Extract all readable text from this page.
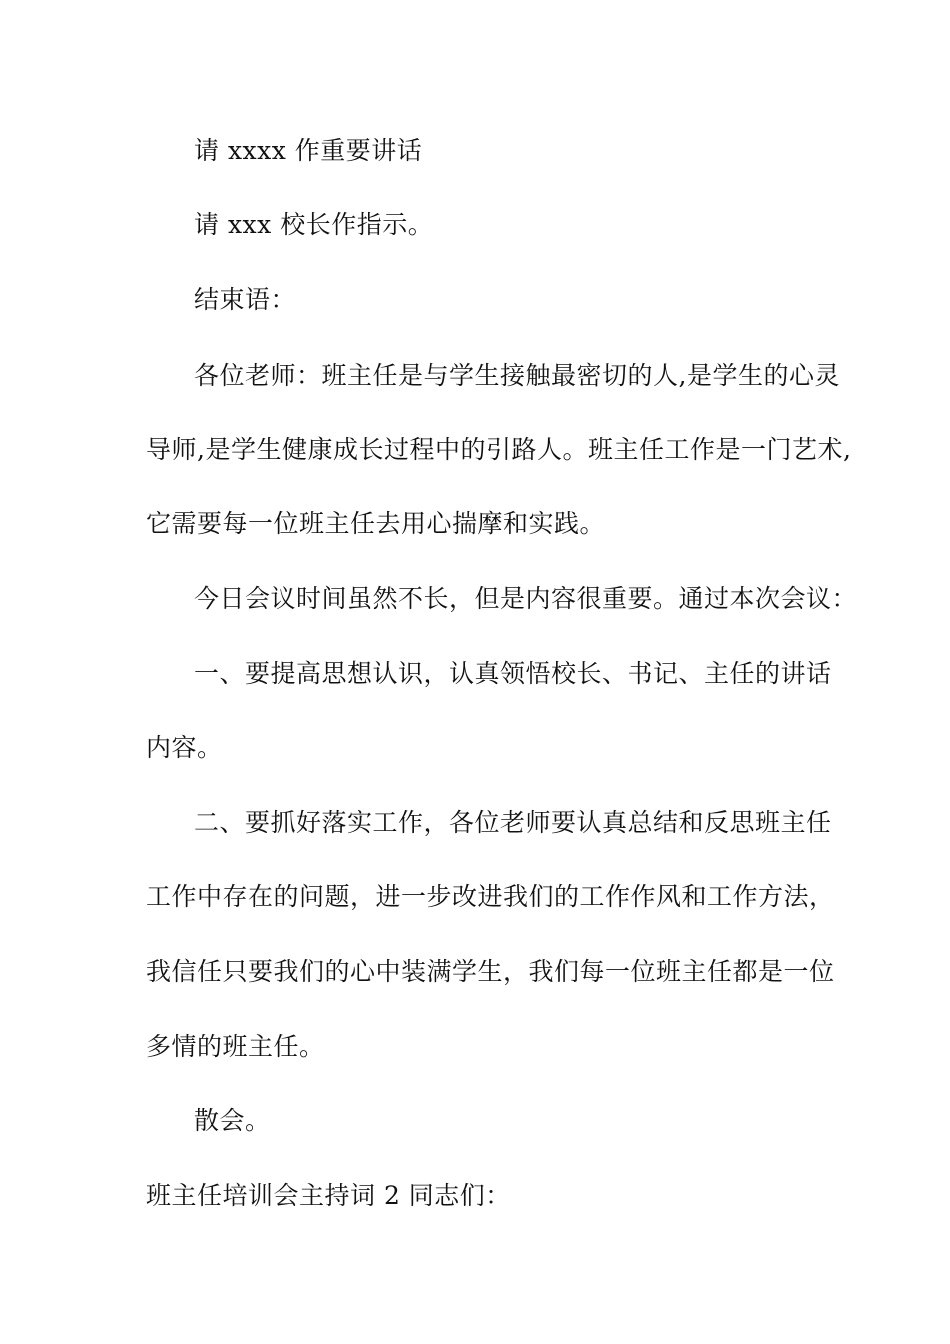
请 xxxx 作重要讲话
请 xxx 校长作指示。
结束语：
各位老师：班主任是与学生接触最密切的人,是学生的心灵
导师,是学生健康成长过程中的引路人。班主任工作是一门艺术,
它需要每一位班主任去用心揣摩和实践。
今日会议时间虽然不长，但是内容很重要。通过本次会议：
一、要提高思想认识，认真领悟校长、书记、主任的讲话
内容。
二、要抓好落实工作，各位老师要认真总结和反思班主任
工作中存在的问题，进一步改进我们的工作作风和工作方法，
我信任只要我们的心中装满学生，我们每一位班主任都是一位
多情的班主任。
散会。
班主任培训会主持词 2 同志们：
